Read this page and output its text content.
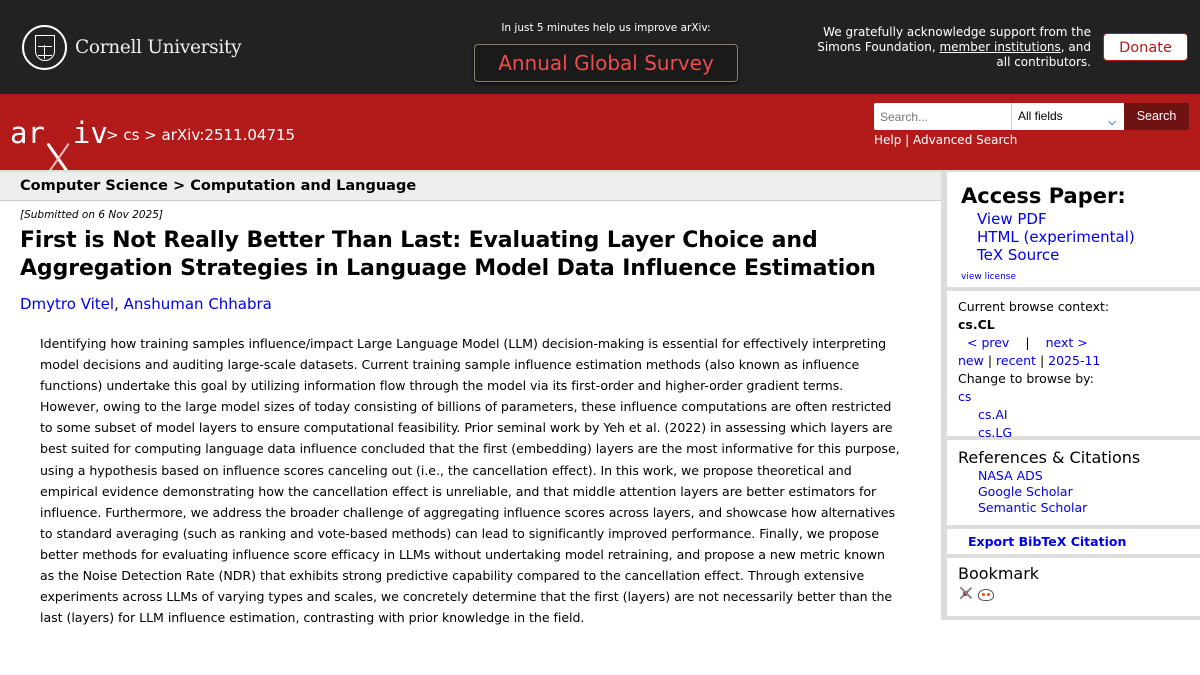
Cornell University
In just 5 minutes help us improve arXiv:
Annual Global Survey
We gratefully acknowledge support from the
Simons Foundation, member institutions, and
all contributors.
Donate
ar iv
> cs > arXiv:2511.04715
Search...
All fields	⌵	Search
Help | Advanced Search
Computer Science > Computation and Language
[Submitted on 6 Nov 2025]
First is Not Really Better Than Last: Evaluating Layer Choice and Aggregation Strategies in Language Model Data Influence Estimation
Dmytro Vitel, Anshuman Chhabra

Identifying how training samples influence/impact Large Language Model (LLM) decision-making is essential for effectively interpreting model decisions and auditing large-scale datasets. Current training sample influence estimation methods (also known as influence functions) undertake this goal by utilizing information flow through the model via its first-order and higher-order gradient terms. However, owing to the large model sizes of today consisting of billions of parameters, these influence computations are often restricted to some subset of model layers to ensure computational feasibility. Prior seminal work by Yeh et al. (2022) in assessing which layers are best suited for computing language data influence concluded that the first (embedding) layers are the most informative for this purpose, using a hypothesis based on influence scores canceling out (i.e., the cancellation effect). In this work, we propose theoretical and empirical evidence demonstrating how the cancellation effect is unreliable, and that middle attention layers are better estimators for influence. Furthermore, we address the broader challenge of aggregating influence scores across layers, and showcase how alternatives to standard averaging (such as ranking and vote-based methods) can lead to significantly improved performance. Finally, we propose better methods for evaluating influence score efficacy in LLMs without undertaking model retraining, and propose a new metric known as the Noise Detection Rate (NDR) that exhibits strong predictive capability compared to the cancellation effect. Through extensive experiments across LLMs of varying types and scales, we concretely determine that the first (layers) are not necessarily better than the last (layers) for LLM influence estimation, contrasting with prior knowledge in the field.

Access Paper:
View PDF
HTML (experimental)
TeX Source
view license
Current browse context:
cs.CL
< prev | next >
new | recent | 2025-11
Change to browse by:
cs
cs.AI
cs.LG
References & Citations
NASA ADS
Google Scholar
Semantic Scholar
Export BibTeX Citation
Bookmark
